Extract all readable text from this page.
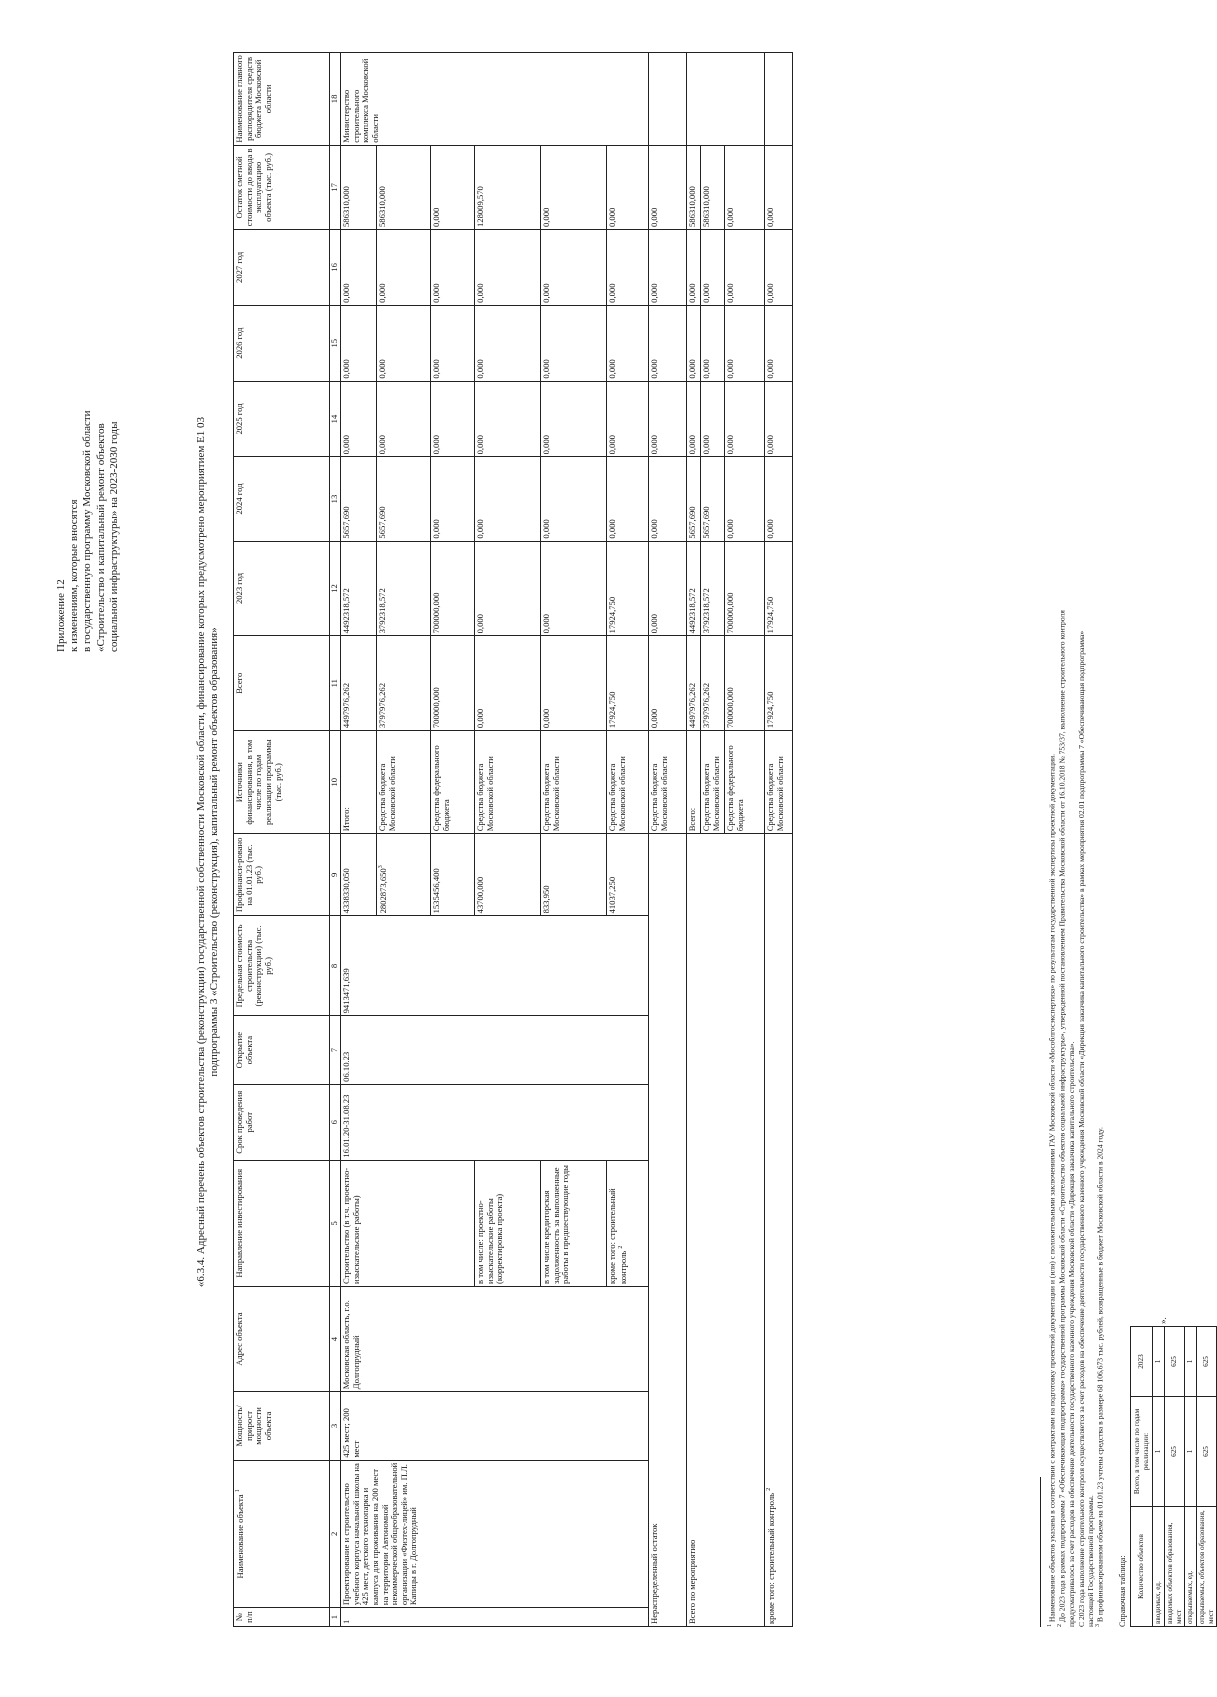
Приложение 12 к изменениям, которые вносятся в государственную программу Московской области «Строительство и капитальный ремонт объектов социальной инфраструктуры» на 2023-2030 годы	«6.3.4. Адресный перечень объектов строительства (реконструкции) государственной собственности Московской области, финансирование которых предусмотрено мероприятием Е1 03 подпрограммы 3 «Строительство (реконструкция), капитальный ремонт объектов образования»
№ п/п	Наименование объекта $^1$	Мощность/ прирост мощности объекта	Адрес объекта	Направление инвестирования	Срок проведения работ	Открытие объекта	Предельная стоимость строительства (реконструкции) (тыс. руб.)	Профинанси-ровано на 01.01.23 (тыс. руб.)	Источники финансирования, в том числе по годам реализации программы (тыс. руб.)	Всего	2023 год	2024 год	2025 год	2026 год	2027 год	Остаток сметной стоимости до ввода в эксплуатацию объекта (тыс. руб.)	Наименование главного распорядителя средств бюджета Московской области
1	2	3	4	5	6	7	8	9	10	11	12	13	14	15	16	17	18
1	Проектирование и строительство учебного корпуса начальной школы на 425 мест, детского технопарка и кампуса для проживания на 200 мест на территории Автономной некоммерческой общеобразовательной организации «Физтех-лицей» им. П.Л. Капицы в г. Долгопрудный	425 мест; 200 мест	Московская область, г.о. Долгопрудный	Строительство (в т.ч. проектно-изыскательские работы)	16.01.20-31.08.23	06.10.23	9413471,639	4338330,050	Итого:	4497976,262	4492318,572	5657,690	0,000	0,000	0,000	586310,000	Министерство строительного комплекса Московской области
								2802873,650$^3$	Средства бюджета Московской области	3797976,262	3792318,572	5657,690	0,000	0,000	0,000	586310,000	
								1535456,400	Средства федерального бюджета	700000,000	700000,000	0,000	0,000	0,000	0,000	0,000	
				в том числе: проектно-изыскательские работы (корректировка проекта)				43700,000	Средства бюджета Московской области	0,000	0,000	0,000	0,000	0,000	0,000	128009,570	
				в том числе кредиторская задолженность за выполненные работы в предшествующие годы				833,950	Средства бюджета Московской области	0,000	0,000	0,000	0,000	0,000	0,000	0,000	
				кроме того: строительный контроль $^2$				41037,250	Средства бюджета Московской области	17924,750	17924,750	0,000	0,000	0,000	0,000	0,000	
Нераспределенный остаток									Средства бюджета Московской области	0,000	0,000	0,000	0,000	0,000	0,000	0,000	
Всего по мероприятию									Всего:	4497976,262	4492318,572	5657,690	0,000	0,000	0,000	586310,000	
									Средства бюджета Московской области	3797976,262	3792318,572	5657,690	0,000	0,000	0,000	586310,000	
									Средства федерального бюджета	700000,000	700000,000	0,000	0,000	0,000	0,000	0,000	
кроме того: строительный контроль $^2$									Средства бюджета Московской области	17924,750	17924,750	0,000	0,000	0,000	0,000	0,000	
$^1$ Наименование объектов указаны в соответствии с контрактами на подготовку проектной документации и (или) с положительными заключениями ГАУ Московской области «Мособлгосэкспертиза» по результатам государственной экспертизы проектной документации.
$^2$ До 2023 года в рамках подпрограммы 7 «Обеспечивающая подпрограмма» государственной программы Московской области «Строительство объектов социальной инфраструктуры», утвержденной постановлением Правительства Московской области от 16.10.2018 № 753/37, выполнение строительного контроля предусматривалось за счет расходов на обеспечение деятельности государственного казенного учреждения Московской области «Дирекция заказчика капитального строительства». С 2023 года выполнение строительного контроля осуществляется за счет расходов на обеспечение деятельности государственного казенного учреждения Московской области «Дирекция заказчика капитального строительства» в рамках мероприятия 02.01 подпрограммы 7 «Обеспечивающая подпрограмма» настоящей Государственной программы. $^3$ В профинансированном объеме на 01.01.23 учтены средства в размере 68 106,673 тыс. рублей, возвращенные в бюджет Московской области в 2024 году. Справочная таблица: Количество объектов	Всего, в том числе по годам реализации:	2023
вводимых, ед.	1	1
вводимых объектов образования, мест	625	625
открываемых, ед.	1	1
открываемых, объектов образования, мест	625	625
».
